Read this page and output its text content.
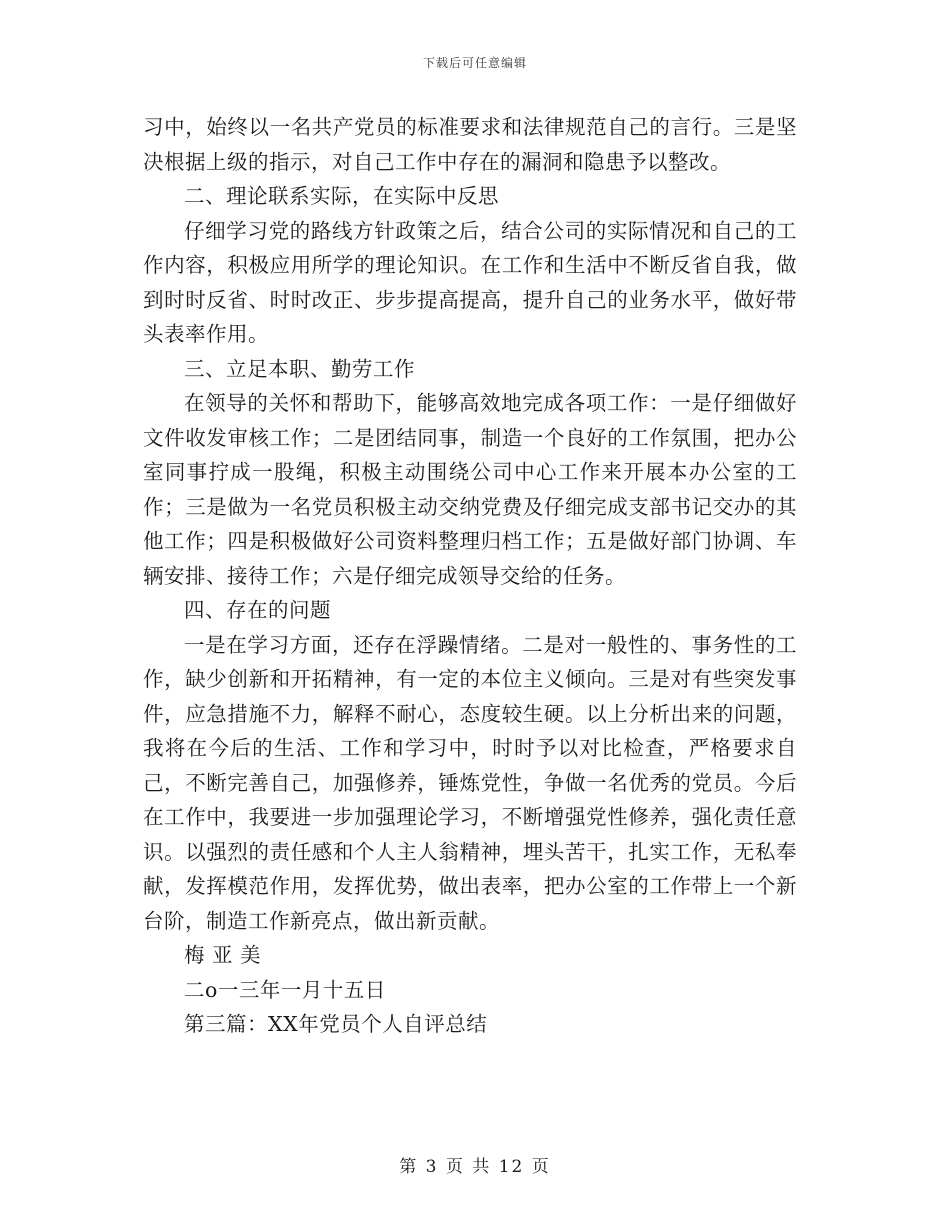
下载后可任意编辑

习中，始终以一名共产党员的标准要求和法律规范自己的言行。三是坚决根据上级的指示，对自己工作中存在的漏洞和隐患予以整改。

二、理论联系实际，在实际中反思

仔细学习党的路线方针政策之后，结合公司的实际情况和自己的工作内容，积极应用所学的理论知识。在工作和生活中不断反省自我，做到时时反省、时时改正、步步提高提高，提升自己的业务水平，做好带头表率作用。

三、立足本职、勤劳工作

在领导的关怀和帮助下，能够高效地完成各项工作：一是仔细做好文件收发审核工作；二是团结同事，制造一个良好的工作氛围，把办公室同事拧成一股绳，积极主动围绕公司中心工作来开展本办公室的工作；三是做为一名党员积极主动交纳党费及仔细完成支部书记交办的其他工作；四是积极做好公司资料整理归档工作；五是做好部门协调、车辆安排、接待工作；六是仔细完成领导交给的任务。

四、存在的问题

一是在学习方面，还存在浮躁情绪。二是对一般性的、事务性的工作，缺少创新和开拓精神，有一定的本位主义倾向。三是对有些突发事件，应急措施不力，解释不耐心，态度较生硬。以上分析出来的问题，我将在今后的生活、工作和学习中，时时予以对比检查，严格要求自己，不断完善自己，加强修养，锤炼党性，争做一名优秀的党员。今后在工作中，我要进一步加强理论学习，不断增强党性修养，强化责任意识。以强烈的责任感和个人主人翁精神，埋头苦干，扎实工作，无私奉献，发挥模范作用，发挥优势，做出表率，把办公室的工作带上一个新台阶，制造工作新亮点，做出新贡献。

梅 亚 美

二o一三年一月十五日

第三篇：XX年党员个人自评总结

第 3 页 共 12 页
